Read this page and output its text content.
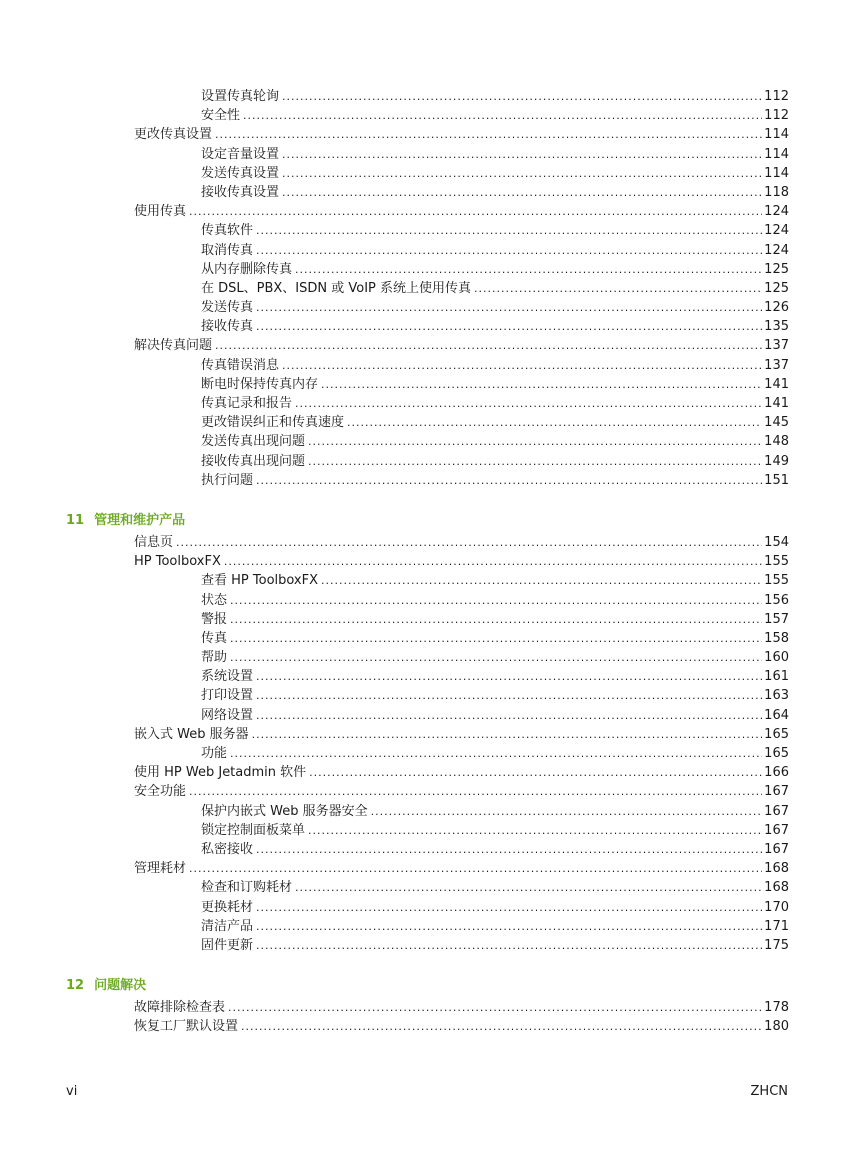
设置传真轮询 .....	112
安全性 .....	112
更改传真设置 .....	114
设定音量设置 .....	114
发送传真设置 .....	114
接收传真设置 .....	118
使用传真 .....	124
传真软件 .....	124
取消传真 .....	124
从内存删除传真 .....	125
在 DSL、PBX、ISDN 或 VoIP 系统上使用传真 .....	125
发送传真 .....	126
接收传真 .....	135
解决传真问题 .....	137
传真错误消息 .....	137
断电时保持传真内存 .....	141
传真记录和报告 .....	141
更改错误纠正和传真速度 .....	145
发送传真出现问题 .....	148
接收传真出现问题 .....	149
执行问题 .....	151
11 管理和维护产品
信息页 .....	154
HP ToolboxFX .....	155
查看 HP ToolboxFX .....	155
状态 .....	156
警报 .....	157
传真 .....	158
帮助 .....	160
系统设置 .....	161
打印设置 .....	163
网络设置 .....	164
嵌入式 Web 服务器 .....	165
功能 .....	165
使用 HP Web Jetadmin 软件 .....	166
安全功能 .....	167
保护内嵌式 Web 服务器安全 .....	167
锁定控制面板菜单 .....	167
私密接收 .....	167
管理耗材 .....	168
检查和订购耗材 .....	168
更换耗材 .....	170
清洁产品 .....	171
固件更新 .....	175
12 问题解决
故障排除检查表 .....	178
恢复工厂默认设置 .....	180
vi	ZHCN
